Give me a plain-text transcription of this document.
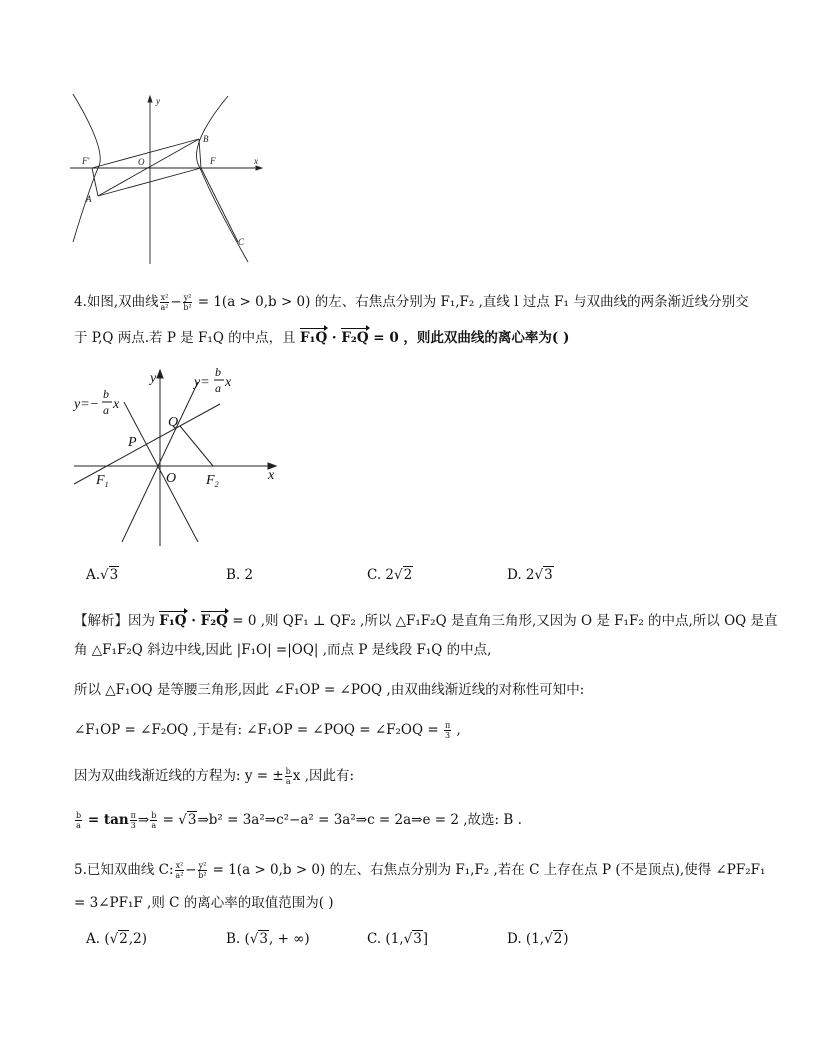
y
x
F'	O	F
A
B
C
4.如图,双曲线 $\frac{\text{x²}}{\text{a²}} - \frac{\text{y²}}{\text{b²}} = 1(a > 0,b > 0)$ 的左、右焦点分别为 F₁,F₂ ,直线 l 过点 F₁ 与双曲线的两条渐近线分别交
于 P,Q 两点.若 P 是 F₁Q 的中点，且 F₁Q · F₂Q = 0 ，则此双曲线的离心率为( )
y
x
$F_1$	O $F_2$
P
Q
y=−
b
a x
y=
b
a x
A.√3	B. 2	C. 2√2	D. 2√3
【解析】因为 F₁Q · F₂Q = 0 ,则 QF₁ ⊥ QF₂ ,所以 △F₁F₂Q 是直角三角形,又因为 O 是 F₁F₂ 的中点,所以 OQ 是直
角 △F₁F₂Q 斜边中线,因此 |F₁O| =|OQ| ,而点 P 是线段 F₁Q 的中点,
所以 △F₁OQ 是等腰三角形,因此 ∠F₁OP = ∠POQ ,由双曲线渐近线的对称性可知中:
∠F₁OP = ∠F₂OQ ,于是有: ∠F₁OP = ∠POQ = ∠F₂OQ = $\frac{\pi}{3}$ ,
因为双曲线渐近线的方程为: y = ± $\frac{b}{a}$ x ,因此有:
$\frac{b}{a} = \tan \frac{\pi}{3}$ ⇒ $\frac{b}{a}$ = √3⇒b² = 3a²⇒c²−a² = 3a²⇒c = 2a⇒e = 2 ,故选: B .
5.已知双曲线 C: $\frac{\text{x²}}{\text{a²}} - \frac{\text{y²}}{\text{b²}} = 1(a > 0,b > 0)$ 的左、右焦点分别为 F₁,F₂ ,若在 C 上存在点 P (不是顶点),使得 ∠PF₂F₁
= 3∠PF₁F ,则 C 的离心率的取值范围为( )
A. (√2,2)	B. (√3, + ∞)	C. (1,√3]	D. (1,√2)
